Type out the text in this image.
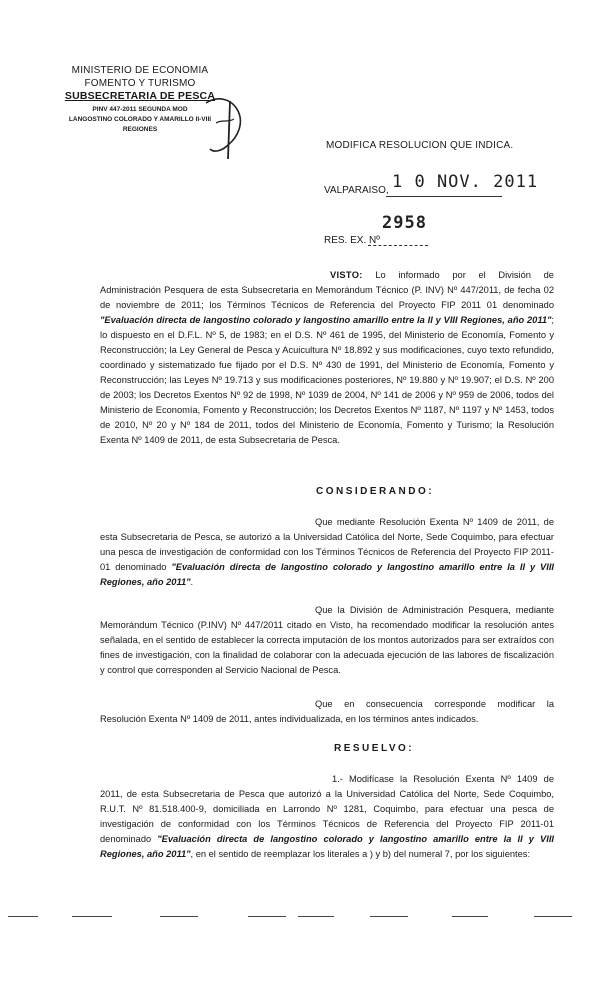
MINISTERIO DE ECONOMIA
FOMENTO Y TURISMO
SUBSECRETARIA DE PESCA
PINV 447-2011 SEGUNDA MOD
LANGOSTINO COLORADO Y AMARILLO II-VIII
REGIONES
MODIFICA RESOLUCION QUE INDICA.
VALPARAISO, 1 0 NOV. 2011
2958
RES. EX. Nº
VISTO: Lo informado por el División de Administración Pesquera de esta Subsecretaria en Memorándum Técnico (P. INV) Nº 447/2011, de fecha 02 de noviembre de 2011; los Términos Técnicos de Referencia del Proyecto FIP 2011 01 denominado "Evaluación directa de langostino colorado y langostino amarillo entre la II y VIII Regiones, año 2011"; lo dispuesto en el D.F.L. Nº 5, de 1983; en el D.S. Nº 461 de 1995, del Ministerio de Economía, Fomento y Reconstrucción; la Ley General de Pesca y Acuicultura Nº 18.892 y sus modificaciones, cuyo texto refundido, coordinado y sistematizado fue fijado por el D.S. Nº 430 de 1991, del Ministerio de Economía, Fomento y Reconstrucción; las Leyes Nº 19.713 y sus modificaciones posteriores, Nº 19.880 y Nº 19.907; el D.S. Nº 200 de 2003; los Decretos Exentos Nº 92 de 1998, Nº 1039 de 2004, Nº 141 de 2006 y Nº 959 de 2006, todos del Ministerio de Economía, Fomento y Reconstrucción; los Decretos Exentos Nº 1187, Nº 1197 y Nº 1453, todos de 2010, Nº 20 y Nº 184 de 2011, todos del Ministerio de Economía, Fomento y Turismo; la Resolución Exenta Nº 1409 de 2011, de esta Subsecretaria de Pesca.
CONSIDERANDO:
Que mediante Resolución Exenta Nº 1409 de 2011, de esta Subsecretaria de Pesca, se autorizó a la Universidad Católica del Norte, Sede Coquimbo, para efectuar una pesca de investigación de conformidad con los Términos Técnicos de Referencia del Proyecto FIP 2011-01 denominado "Evaluación directa de langostino colorado y langostino amarillo entre la II y VIII Regiones, año 2011".
Que la División de Administración Pesquera, mediante Memorándum Técnico (P.INV) Nº 447/2011 citado en Visto, ha recomendado modificar la resolución antes señalada, en el sentido de establecer la correcta imputación de los montos autorizados para ser extraídos con fines de investigación, con la finalidad de colaborar con la adecuada ejecución de las labores de fiscalización y control que corresponden al Servicio Nacional de Pesca.
Que en consecuencia corresponde modificar la Resolución Exenta Nº 1409 de 2011, antes individualizada, en los términos antes indicados.
RESUELVO:
1.- Modifícase la Resolución Exenta Nº 1409 de 2011, de esta Subsecretaria de Pesca que autorizó a la Universidad Católica del Norte, Sede Coquimbo, R.U.T. Nº 81.518.400-9, domiciliada en Larrondo Nº 1281, Coquimbo, para efectuar una pesca de investigación de conformidad con los Términos Técnicos de Referencia del Proyecto FIP 2011-01 denominado "Evaluación directa de langostino colorado y langostino amarillo entre la II y VIII Regiones, año 2011", en el sentido de reemplazar los literales a ) y b) del numeral 7, por los siguientes:
